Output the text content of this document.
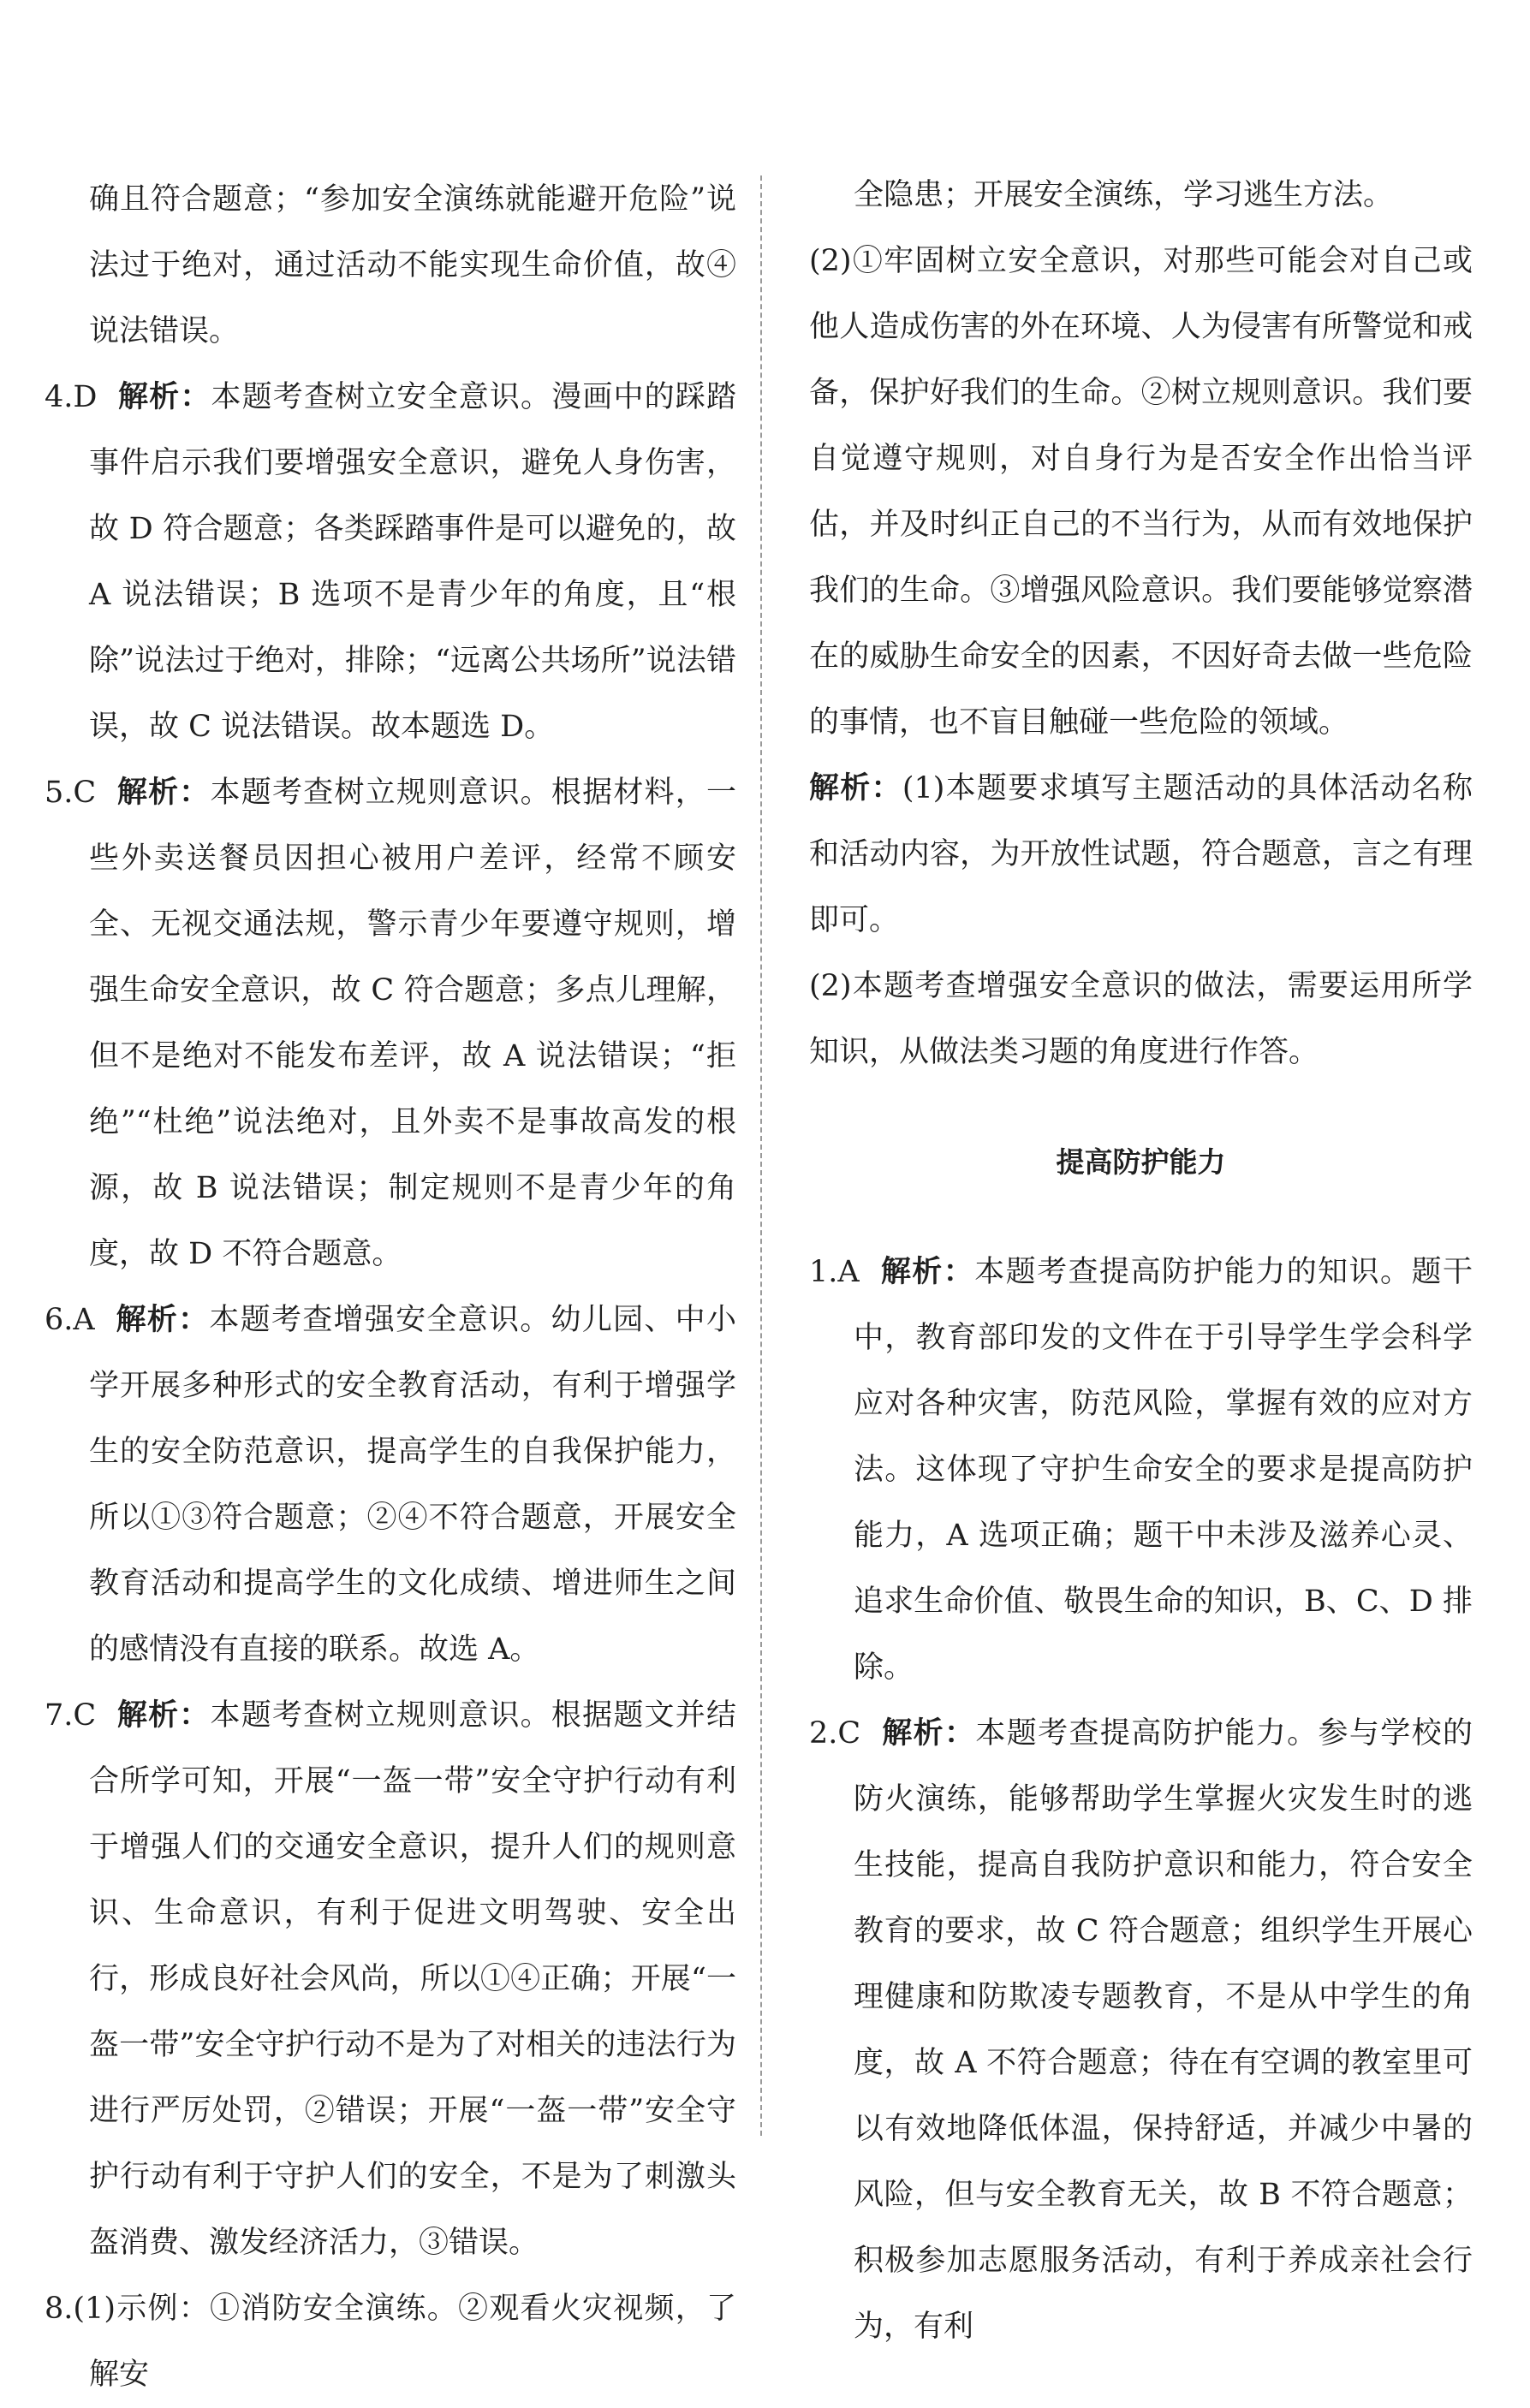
确且符合题意；“参加安全演练就能避开危险”说法过于绝对，通过活动不能实现生命价值，故④说法错误。

4.D 解析：本题考查树立安全意识。漫画中的踩踏事件启示我们要增强安全意识，避免人身伤害，故 D 符合题意；各类踩踏事件是可以避免的，故 A 说法错误；B 选项不是青少年的角度，且“根除”说法过于绝对，排除；“远离公共场所”说法错误，故 C 说法错误。故本题选 D。

5.C 解析：本题考查树立规则意识。根据材料，一些外卖送餐员因担心被用户差评，经常不顾安全、无视交通法规，警示青少年要遵守规则，增强生命安全意识，故 C 符合题意；多点儿理解，但不是绝对不能发布差评，故 A 说法错误；“拒绝”“杜绝”说法绝对，且外卖不是事故高发的根源，故 B 说法错误；制定规则不是青少年的角度，故 D 不符合题意。

6.A 解析：本题考查增强安全意识。幼儿园、中小学开展多种形式的安全教育活动，有利于增强学生的安全防范意识，提高学生的自我保护能力，所以①③符合题意；②④不符合题意，开展安全教育活动和提高学生的文化成绩、增进师生之间的感情没有直接的联系。故选 A。

7.C 解析：本题考查树立规则意识。根据题文并结合所学可知，开展“一盔一带”安全守护行动有利于增强人们的交通安全意识，提升人们的规则意识、生命意识，有利于促进文明驾驶、安全出行，形成良好社会风尚，所以①④正确；开展“一盔一带”安全守护行动不是为了对相关的违法行为进行严厉处罚，②错误；开展“一盔一带”安全守护行动有利于守护人们的安全，不是为了刺激头盔消费、激发经济活力，③错误。

8.(1)示例：①消防安全演练。②观看火灾视频，了解安

全隐患；开展安全演练，学习逃生方法。

(2)①牢固树立安全意识，对那些可能会对自己或他人造成伤害的外在环境、人为侵害有所警觉和戒备，保护好我们的生命。②树立规则意识。我们要自觉遵守规则，对自身行为是否安全作出恰当评估，并及时纠正自己的不当行为，从而有效地保护我们的生命。③增强风险意识。我们要能够觉察潜在的威胁生命安全的因素，不因好奇去做一些危险的事情，也不盲目触碰一些危险的领域。

解析：(1)本题要求填写主题活动的具体活动名称和活动内容，为开放性试题，符合题意，言之有理即可。

(2)本题考查增强安全意识的做法，需要运用所学知识，从做法类习题的角度进行作答。

提高防护能力

1.A 解析：本题考查提高防护能力的知识。题干中，教育部印发的文件在于引导学生学会科学应对各种灾害，防范风险，掌握有效的应对方法。这体现了守护生命安全的要求是提高防护能力，A 选项正确；题干中未涉及滋养心灵、追求生命价值、敬畏生命的知识，B、C、D 排除。

2.C 解析：本题考查提高防护能力。参与学校的防火演练，能够帮助学生掌握火灾发生时的逃生技能，提高自我防护意识和能力，符合安全教育的要求，故 C 符合题意；组织学生开展心理健康和防欺凌专题教育，不是从中学生的角度，故 A 不符合题意；待在有空调的教室里可以有效地降低体温，保持舒适，并减少中暑的风险，但与安全教育无关，故 B 不符合题意；积极参加志愿服务活动，有利于养成亲社会行为，有利
